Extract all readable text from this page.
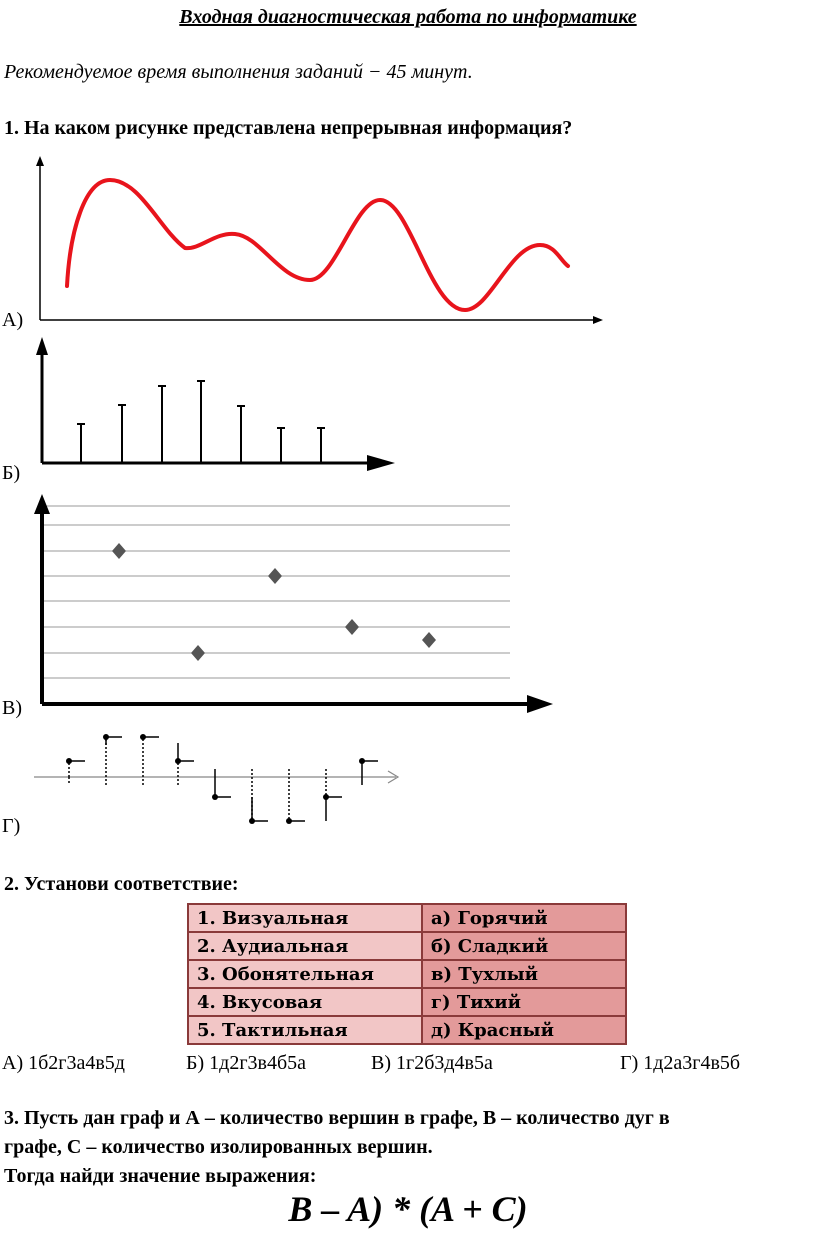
Входная диагностическая работа по информатике
Рекомендуемое время выполнения заданий − 45 минут.
1. На каком рисунке представлена непрерывная информация?
А)
Б)
В)
Г)
2. Установи соответствие:
1. Визуальная	а) Горячий
2. Аудиальная	б) Сладкий
3. Обонятельная	в) Тухлый
4. Вкусовая	г) Тихий
5. Тактильная	д) Красный
А) 1б2г3а4в5д	Б) 1д2г3в4б5а	В) 1г2б3д4в5а	Г) 1д2а3г4в5б
3. Пусть дан граф и А – количество вершин в графе, В – количество дуг в
графе, С – количество изолированных вершин.
Тогда найди значение выражения:
B – A) * (A + C)
